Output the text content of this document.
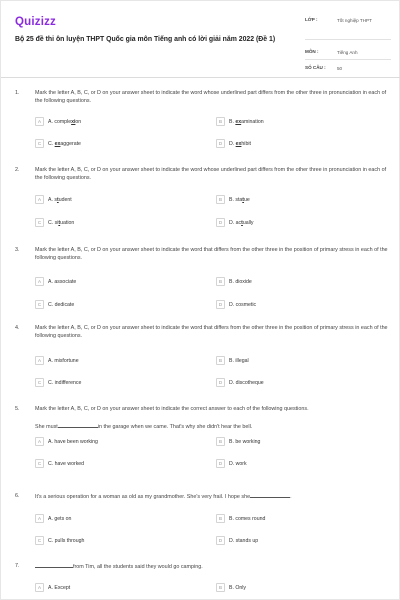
Quizizz
Bộ 25 đề thi ôn luyện THPT Quốc gia môn Tiếng anh có lời giải năm 2022 (Đề 1)
LỚP :	Tốt nghiệp THPT
MÔN :	Tiếng Anh
SỐ CÂU : 50
1.	Mark the letter A, B, C, or D on your answer sheet to indicate the word whose underlined part differs from the other three in pronunciation in each of the following questions.
A	A. complexion	B	B. examination
C	C. exaggerate	D	D. exhibit
2.	Mark the letter A, B, C, or D on your answer sheet to indicate the word whose underlined part differs from the other three in pronunciation in each of the following questions.
A	A. student	B	B. statue
C	C. situation	D	D. actually
3.	Mark the letter A, B, C, or D on your answer sheet to indicate the word that differs from the other three in the position of primary stress in each of the following questions.
A	A. associate	B	B. dioxide
C	C. dedicate	D	D. cosmetic
4.	Mark the letter A, B, C, or D on your answer sheet to indicate the word that differs from the other three in the position of primary stress in each of the following questions.
A	A. misfortune	B	B. illegal
C	C. indifference	D	D. discotheque
5.	Mark the letter A, B, C, or D on your answer sheet to indicate the correct answer to each of the following questions.
She must	in the garage when we came. That's why she didn't hear the bell.
A	A. have been working	B	B. be working
C	C. have worked	D	D. work
6.	It's a serious operation for a woman as old as my grandmother. She's very frail. I hope she	.
A	A. gets on	B	B. comes round
C	C. pulls through	D	D. stands up
7.	from Tim, all the students said they would go camping.
A	A. Except	B	B. Only
